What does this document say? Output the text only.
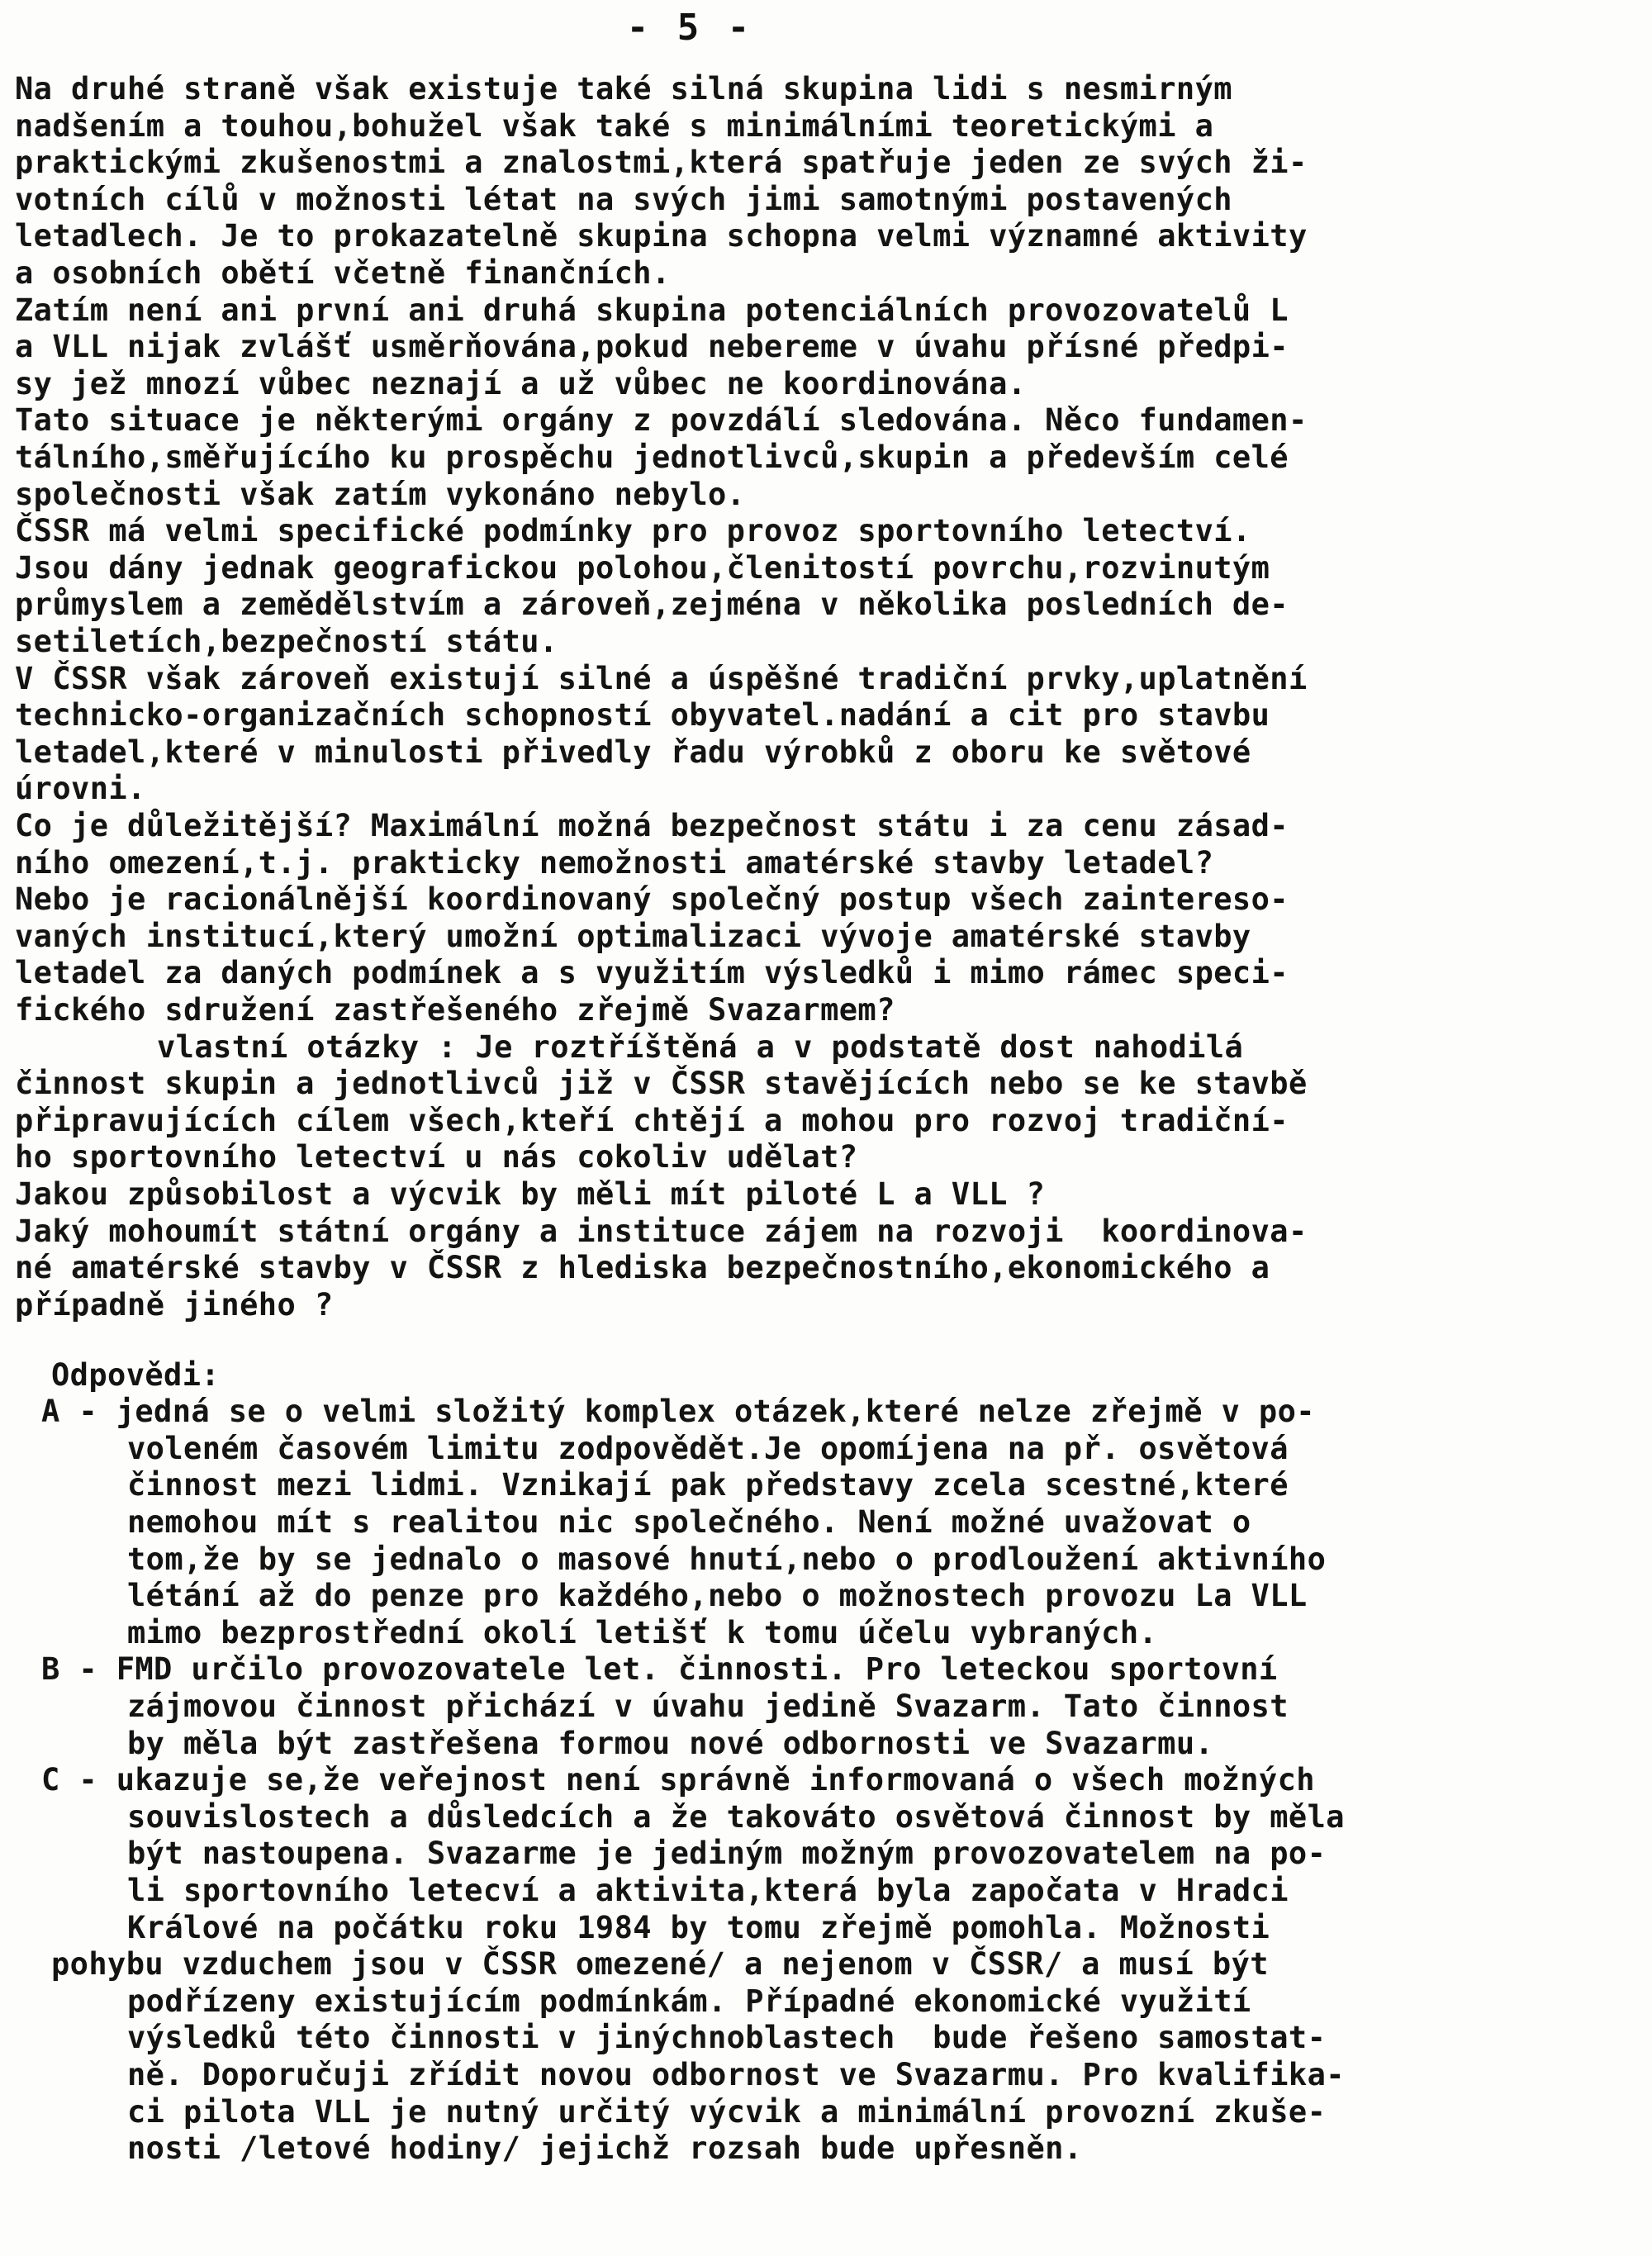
- 5 -
Na druhé straně však existuje také silná skupina lidi s nesmirným
nadšením a touhou,bohužel však také s minimálními teoretickými a
praktickými zkušenostmi a znalostmi,která spatřuje jeden ze svých ži-
votních cílů v možnosti létat na svých jimi samotnými postavených
letadlech. Je to prokazatelně skupina schopna velmi významné aktivity
a osobních obětí včetně finančních.
Zatím není ani první ani druhá skupina potenciálních provozovatelů L
a VLL nijak zvlášť usměrňována,pokud nebereme v úvahu přísné předpi-
sy jež mnozí vůbec neznají a už vůbec ne koordinována.
Tato situace je některými orgány z povzdálí sledována. Něco fundamen-
tálního,směřujícího ku prospěchu jednotlivců,skupin a především celé
společnosti však zatím vykonáno nebylo.
ČSSR má velmi specifické podmínky pro provoz sportovního letectví.
Jsou dány jednak geografickou polohou,členitostí povrchu,rozvinutým
průmyslem a zemědělstvím a zároveň,zejména v několika posledních de-
setiletích,bezpečností státu.
V ČSSR však zároveň existují silné a úspěšné tradiční prvky,uplatnění
technicko-organizačních schopností obyvatel.nadání a cit pro stavbu
letadel,které v minulosti přivedly řadu výrobků z oboru ke světové
úrovni.
Co je důležitější? Maximální možná bezpečnost státu i za cenu zásad-
ního omezení,t.j. prakticky nemožnosti amatérské stavby letadel?
Nebo je racionálnější koordinovaný společný postup všech zainteresо-
vaných institucí,který umožní optimalizaci vývoje amatérské stavby
letadel za daných podmínek a s využitím výsledků i mimo rámec speci-
fického sdružení zastřešeného zřejmě Svazarmem?
vlastní otázky : Je roztříštěná a v podstatě dost nahodilá
činnost skupin a jednotlivců již v ČSSR stavějících nebo se ke stavbě
připravujících cílem všech,kteří chtějí a mohou pro rozvoj tradiční-
ho sportovního letectví u nás cokoliv udělat?
Jakou způsobilost a výcvik by měli mít piloté L a VLL ?
Jaký mohoumít státní orgány a instituce zájem na rozvoji  koordinova-
né amatérské stavby v ČSSR z hlediska bezpečnostního,ekonomického a
případně jiného ?
Odpovědi:
A - jedná se o velmi složitý komplex otázek,které nelze zřejmě v po-
voleném časovém limitu zodpovědět.Je opomíjena na př. osvětová
činnost mezi lidmi. Vznikají pak představy zcela scestné,které
nemohou mít s realitou nic společného. Není možné uvažovat o
tom,že by se jednalo o masové hnutí,nebo o prodloužení aktivního
létání až do penze pro každého,nebo o možnostech provozu La VLL
mimo bezprostřední okolí letišť k tomu účelu vybraných.
B - FMD určilo provozovatele let. činnosti. Pro leteckou sportovní
zájmovou činnost přichází v úvahu jedině Svazarm. Tato činnost
by měla být zastřešena formou nové odbornosti ve Svazarmu.
C - ukazuje se,že veřejnost není správně informovaná o všech možných
souvislostech a důsledcích a že takováto osvětová činnost by měla
být nastoupena. Svazarme je jediným možným provozovatelem na po-
li sportovního letecví a aktivita,která byla započata v Hradci
Králové na počátku roku 1984 by tomu zřejmě pomohla. Možnosti
pohybu vzduchem jsou v ČSSR omezené/ a nejenom v ČSSR/ a musí být
podřízeny existujícím podmínkám. Případné ekonomické využití
výsledků této činnosti v jinýchnoblastech  bude řešeno samostat-
ně. Doporučuji zřídit novou odbornost ve Svazarmu. Pro kvalifika-
ci pilota VLL je nutný určitý výcvik a minimální provozní zkuše-
nosti /letové hodiny/ jejichž rozsah bude upřesněn.
